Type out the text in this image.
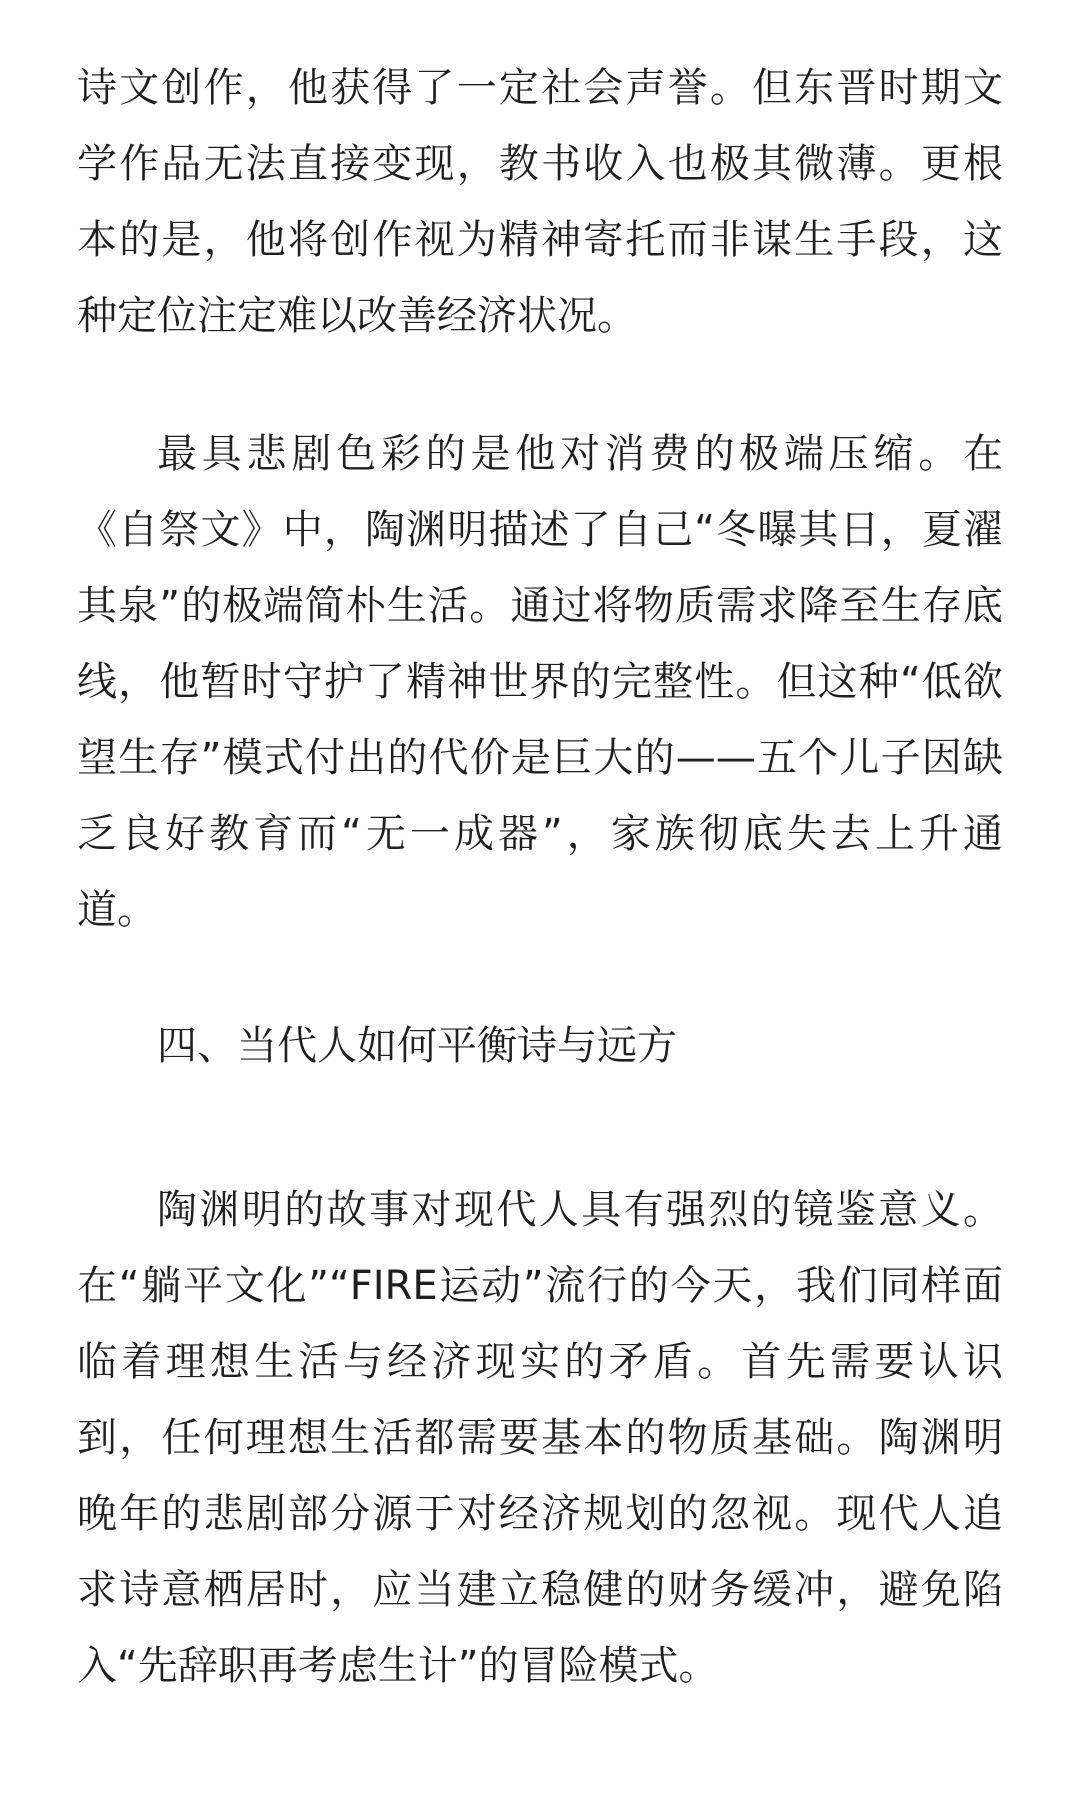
诗文创作，他获得了一定社会声誉。但东晋时期文
学作品无法直接变现，教书收入也极其微薄。更根
本的是，他将创作视为精神寄托而非谋生手段，这
种定位注定难以改善经济状况。
最具悲剧色彩的是他对消费的极端压缩。在
《自祭文》中，陶渊明描述了自己“冬曝其日，夏濯
其泉”的极端简朴生活。通过将物质需求降至生存底
线，他暂时守护了精神世界的完整性。但这种“低欲
望生存”模式付出的代价是巨大的——五个儿子因缺
乏良好教育而“无一成器”，家族彻底失去上升通
道。
四、当代人如何平衡诗与远方
陶渊明的故事对现代人具有强烈的镜鉴意义。
在“躺平文化”“FIRE运动”流行的今天，我们同样面
临着理想生活与经济现实的矛盾。首先需要认识
到，任何理想生活都需要基本的物质基础。陶渊明
晚年的悲剧部分源于对经济规划的忽视。现代人追
求诗意栖居时，应当建立稳健的财务缓冲，避免陷
入“先辞职再考虑生计”的冒险模式。
